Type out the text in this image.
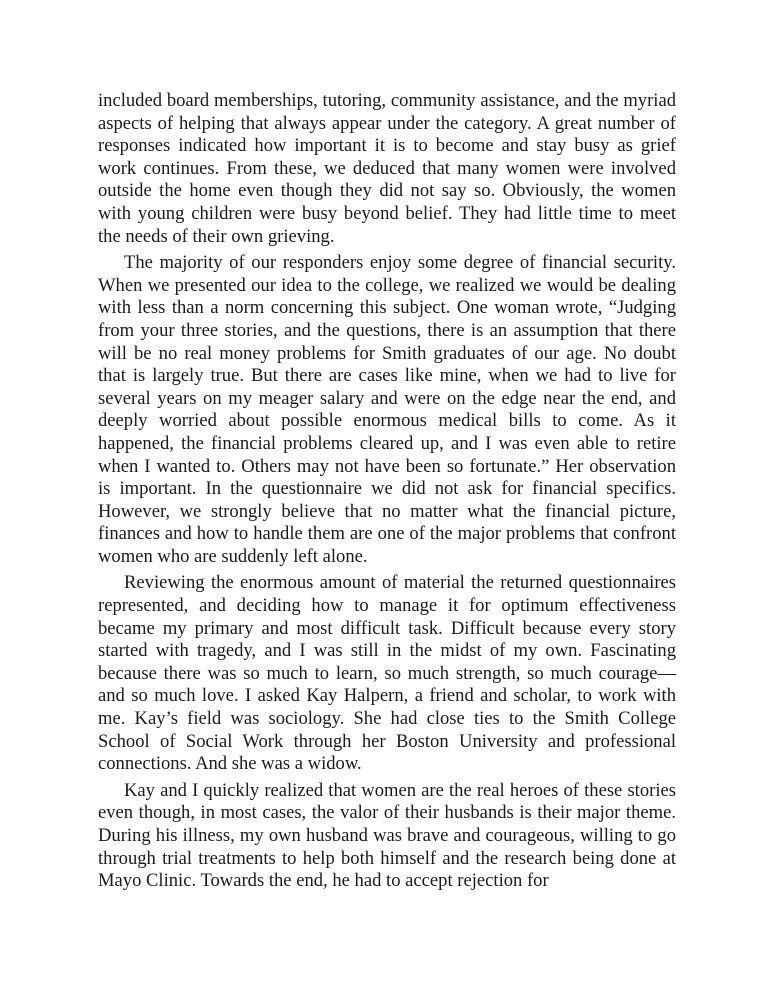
included board memberships, tutoring, community assistance, and the myriad aspects of helping that always appear under the category. A great number of responses indicated how important it is to become and stay busy as grief work continues. From these, we deduced that many women were involved outside the home even though they did not say so. Obviously, the women with young children were busy beyond belief. They had little time to meet the needs of their own grieving.

The majority of our responders enjoy some degree of financial security. When we presented our idea to the college, we realized we would be dealing with less than a norm concerning this subject. One woman wrote, “Judging from your three stories, and the questions, there is an assumption that there will be no real money problems for Smith graduates of our age. No doubt that is largely true. But there are cases like mine, when we had to live for several years on my meager salary and were on the edge near the end, and deeply worried about possible enormous medical bills to come. As it happened, the financial problems cleared up, and I was even able to retire when I wanted to. Others may not have been so fortunate.” Her observation is important. In the questionnaire we did not ask for financial specifics. However, we strongly believe that no matter what the financial picture, finances and how to handle them are one of the major problems that confront women who are suddenly left alone.

Reviewing the enormous amount of material the returned questionnaires represented, and deciding how to manage it for optimum effectiveness became my primary and most difficult task. Difficult because every story started with tragedy, and I was still in the midst of my own. Fascinating because there was so much to learn, so much strength, so much courage—and so much love. I asked Kay Halpern, a friend and scholar, to work with me. Kay’s field was sociology. She had close ties to the Smith College School of Social Work through her Boston University and professional connections. And she was a widow.

Kay and I quickly realized that women are the real heroes of these stories even though, in most cases, the valor of their husbands is their major theme. During his illness, my own husband was brave and courageous, willing to go through trial treatments to help both himself and the research being done at Mayo Clinic. Towards the end, he had to accept rejection for
